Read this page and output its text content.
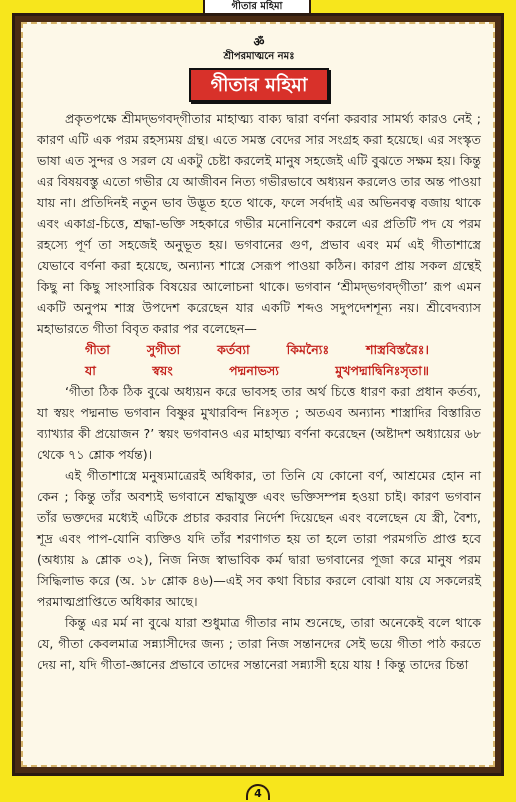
গীতার মহিমা
ॐ
শ্রীপরমাত্মনে নমঃ
গীতার মহিমা

প্রকৃতপক্ষে শ্রীমদ্‌ভগবদ্‌গীতার মাহাত্ম্য বাক্য দ্বারা বর্ণনা করবার সামর্থ্য কারও নেই ; কারণ এটি এক পরম রহস্যময় গ্রন্থ। এতে সমস্ত বেদের সার সংগ্রহ করা হয়েছে। এর সংস্কৃত ভাষা এত সুন্দর ও সরল যে একটু চেষ্টা করলেই মানুষ সহজেই এটি বুঝতে সক্ষম হয়। কিন্তু এর বিষয়বস্তু এতো গভীর যে আজীবন নিত্য গভীরভাবে অধ্যয়ন করলেও তার অন্ত পাওয়া যায় না। প্রতিদিনই নতুন ভাব উদ্ভূত হতে থাকে, ফলে সর্বদাই এর অভিনবত্ব বজায় থাকে এবং একাগ্র-চিত্তে, শ্রদ্ধা-ভক্তি সহকারে গভীর মনোনিবেশ করলে এর প্রতিটি পদ যে পরম রহস্যে পূর্ণ তা সহজেই অনুভূত হয়। ভগবানের গুণ, প্রভাব এবং মর্ম এই গীতাশাস্ত্রে যেভাবে বর্ণনা করা হয়েছে, অন্যান্য শাস্ত্রে সেরূপ পাওয়া কঠিন। কারণ প্রায় সকল গ্রন্থেই কিছু না কিছু সাংসারিক বিষয়ের আলোচনা থাকে। ভগবান ‘শ্রীমদ্‌ভগবদ্‌গীতা’ রূপ এমন একটি অনুপম শাস্ত্র উপদেশ করেছেন যার একটি শব্দও সদুপদেশশূন্য নয়। শ্রীবেদব্যাস মহাভারতে গীতা বিবৃত করার পর বলেছেন—

গীতা	সুগীতা	কর্তব্যা	কিমন্যৈঃ	শাস্ত্রবিস্তরৈঃ।
যা	স্বয়ং	পদ্মনাভস্য	মুখপদ্মাদ্বিনিঃসৃতা॥

‘গীতা ঠিক ঠিক বুঝে অধ্যয়ন করে ভাবসহ তার অর্থ চিত্তে ধারণ করা প্রধান কর্তব্য, যা স্বয়ং পদ্মনাভ ভগবান বিষ্ণুর মুখারবিন্দ নিঃসৃত ; অতএব অন্যান্য শাস্ত্রাদির বিস্তারিত ব্যাখ্যার কী প্রয়োজন ?’ স্বয়ং ভগবানও এর মাহাত্ম্য বর্ণনা করেছেন (অষ্টাদশ অধ্যায়ের ৬৮ থেকে ৭১ শ্লোক পর্যন্ত)।

এই গীতাশাস্ত্রে মনুষ্যমাত্রেরই অধিকার, তা তিনি যে কোনো বর্ণ, আশ্রমের হোন না কেন ; কিন্তু তাঁর অবশ্যই ভগবানে শ্রদ্ধাযুক্ত এবং ভক্তিসম্পন্ন হওয়া চাই। কারণ ভগবান তাঁর ভক্তদের মধ্যেই এটিকে প্রচার করবার নির্দেশ দিয়েছেন এবং বলেছেন যে স্ত্রী, বৈশ্য, শূদ্র এবং পাপ-যোনি ব্যক্তিও যদি তাঁর শরণাগত হয় তা হলে তারা পরমগতি প্রাপ্ত হবে (অধ্যায় ৯ শ্লোক ৩২), নিজ নিজ স্বাভাবিক কর্ম দ্বারা ভগবানের পূজা করে মানুষ পরম সিদ্ধিলাভ করে (অ. ১৮ শ্লোক ৪৬)—এই সব কথা বিচার করলে বোঝা যায় যে সকলেরই পরমাত্মপ্রাপ্তিতে অধিকার আছে।

কিন্তু এর মর্ম না বুঝে যারা শুধুমাত্র গীতার নাম শুনেছে, তারা অনেকেই বলে থাকে যে, গীতা কেবলমাত্র সন্ন্যাসীদের জন্য ; তারা নিজ সন্তানদের সেই ভয়ে গীতা পাঠ করতে দেয় না, যদি গীতা-জ্ঞানের প্রভাবে তাদের সন্তানেরা সন্ন্যাসী হয়ে যায় ! কিন্তু তাদের চিন্তা

4
